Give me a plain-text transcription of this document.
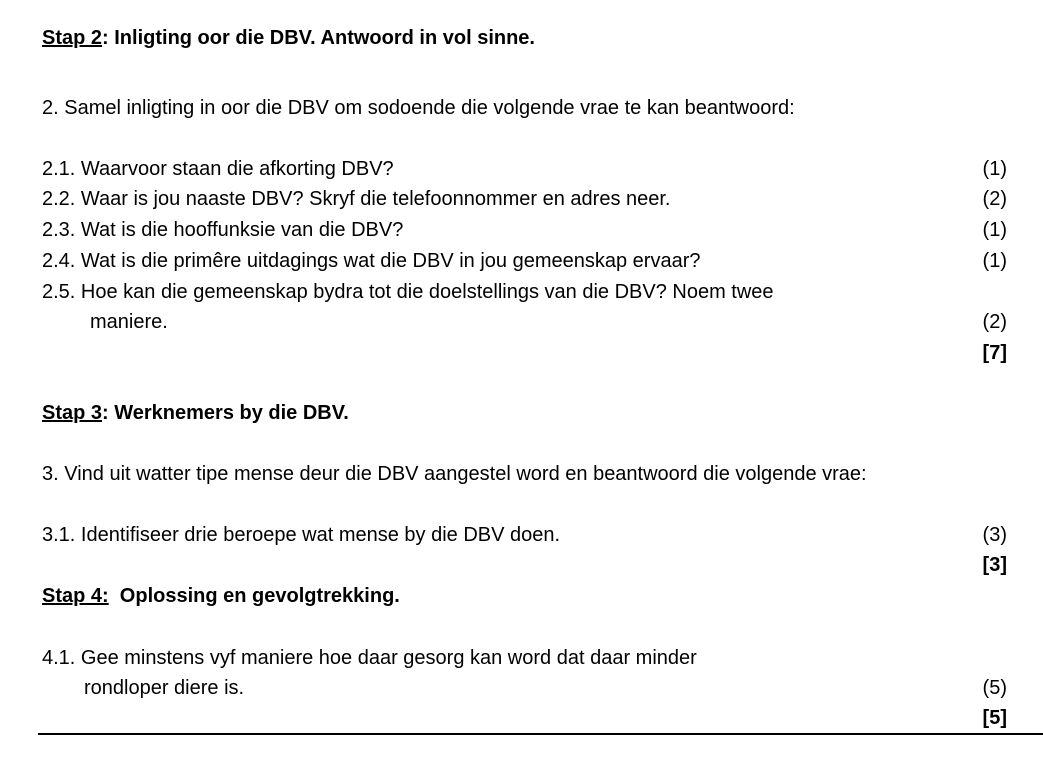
Stap 2: Inligting oor die DBV. Antwoord in vol sinne.
2. Samel inligting in oor die DBV om sodoende die volgende vrae te kan beantwoord:
2.1. Waarvoor staan die afkorting DBV?	(1)
2.2. Waar is jou naaste DBV? Skryf die telefoonnommer en adres neer.	(2)
2.3. Wat is die hooffunksie van die DBV?	(1)
2.4. Wat is die primêre uitdagings wat die DBV in jou gemeenskap ervaar?	(1)
2.5. Hoe kan die gemeenskap bydra tot die doelstellings van die DBV? Noem twee
maniere.	(2)
[7]
Stap 3: Werknemers by die DBV.
3. Vind uit watter tipe mense deur die DBV aangestel word en beantwoord die volgende vrae:
3.1. Identifiseer drie beroepe wat mense by die DBV doen.	(3)
[3]
Stap 4:  Oplossing en gevolgtrekking.
4.1. Gee minstens vyf maniere hoe daar gesorg kan word dat daar minder
rondloper diere is.	(5)
[5]
